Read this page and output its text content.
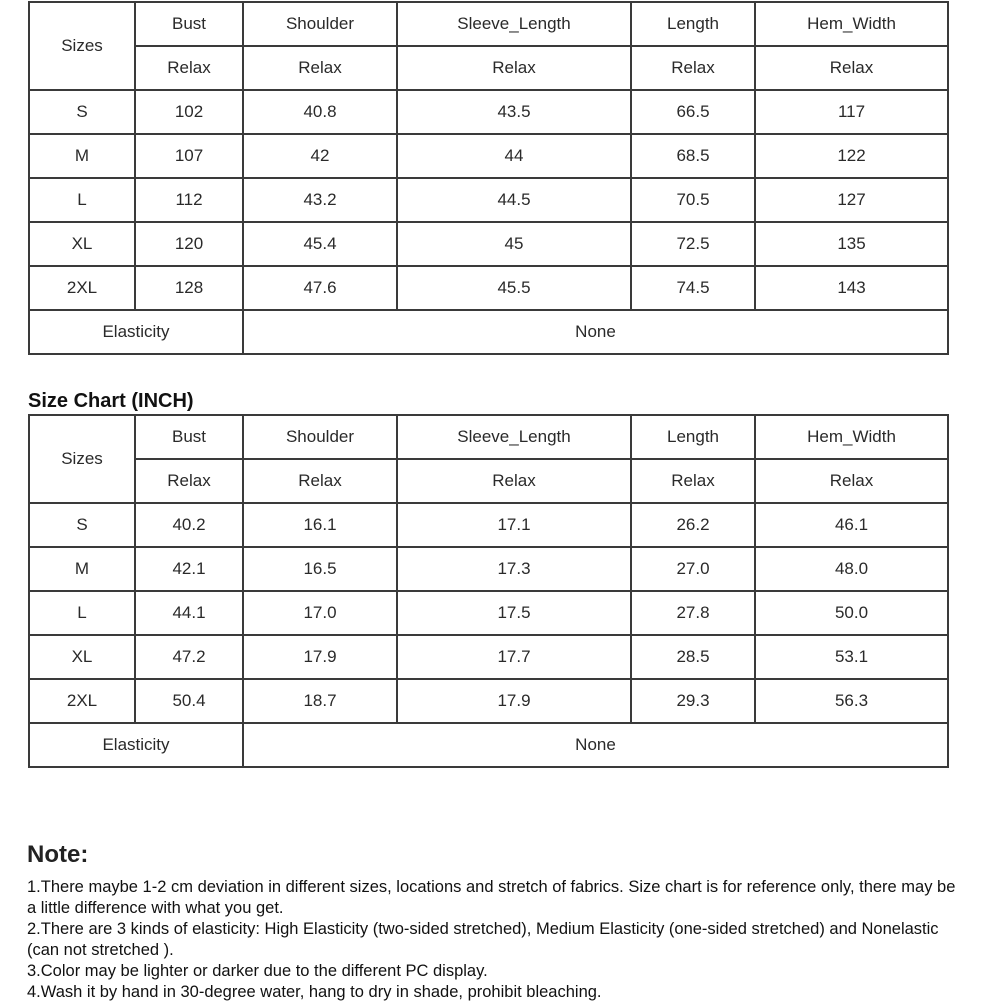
Sizes	Bust	Shoulder	Sleeve_Length	Length	Hem_Width
	Relax	Relax	Relax	Relax	Relax
S	102	40.8	43.5	66.5	117
M	107	42	44	68.5	122
L	112	43.2	44.5	70.5	127
XL	120	45.4	45	72.5	135
2XL	128	47.6	45.5	74.5	143
Elasticity		None			
Size Chart (INCH)
Sizes	Bust	Shoulder	Sleeve_Length	Length	Hem_Width
	Relax	Relax	Relax	Relax	Relax
S	40.2	16.1	17.1	26.2	46.1
M	42.1	16.5	17.3	27.0	48.0
L	44.1	17.0	17.5	27.8	50.0
XL	47.2	17.9	17.7	28.5	53.1
2XL	50.4	18.7	17.9	29.3	56.3
Elasticity		None			
Note:

1.There maybe 1-2 cm deviation in different sizes, locations and stretch of fabrics. Size chart is for reference only, there may be a little difference with what you get.

2.There are 3 kinds of elasticity: High Elasticity (two-sided stretched), Medium Elasticity (one-sided stretched) and Nonelastic (can not stretched ).

3.Color may be lighter or darker due to the different PC display.

4.Wash it by hand in 30-degree water, hang to dry in shade, prohibit bleaching.
